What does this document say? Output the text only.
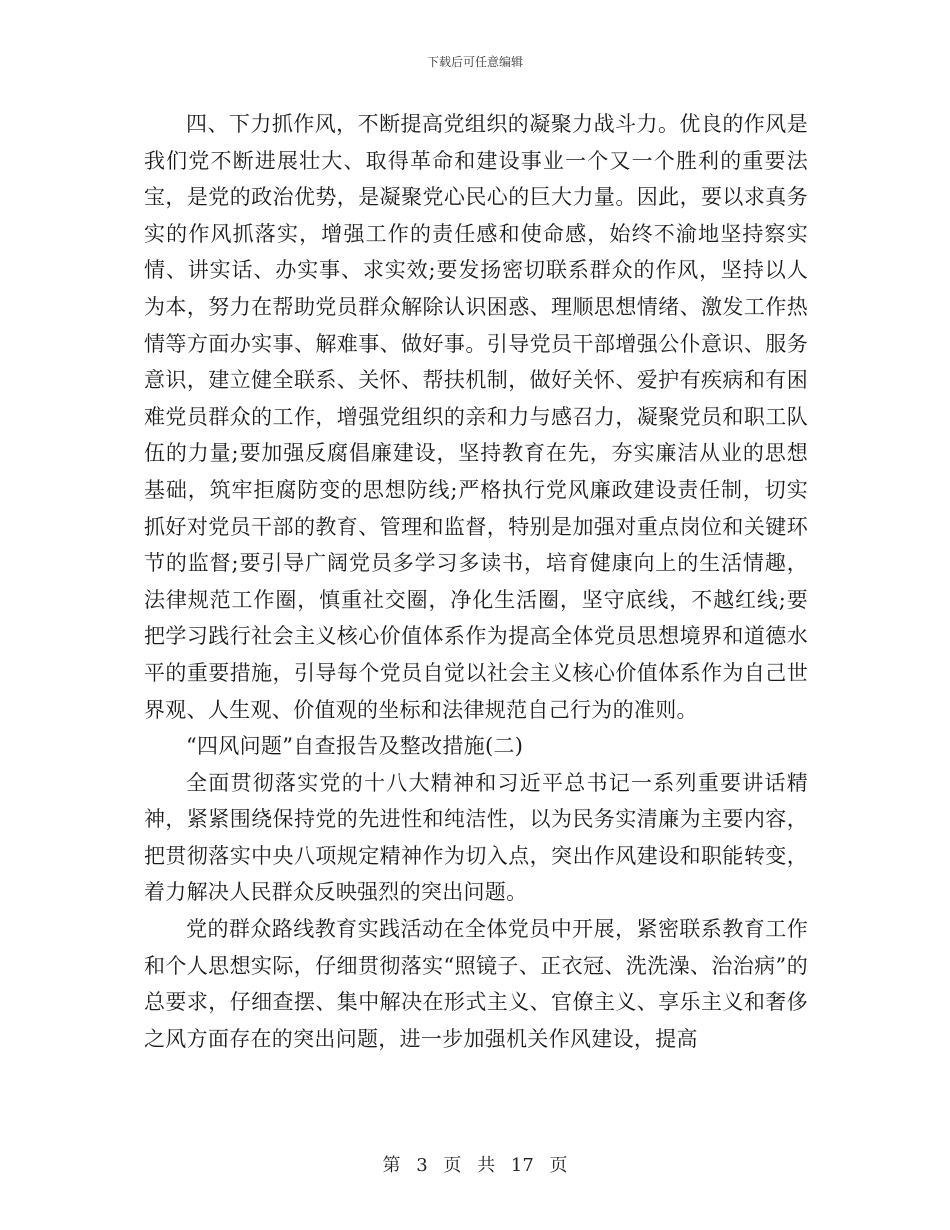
下载后可任意编辑

四、下力抓作风，不断提高党组织的凝聚力战斗力。优良的作风是我们党不断进展壮大、取得革命和建设事业一个又一个胜利的重要法宝，是党的政治优势，是凝聚党心民心的巨大力量。因此，要以求真务实的作风抓落实，增强工作的责任感和使命感，始终不渝地坚持察实情、讲实话、办实事、求实效;要发扬密切联系群众的作风，坚持以人为本，努力在帮助党员群众解除认识困惑、理顺思想情绪、激发工作热情等方面办实事、解难事、做好事。引导党员干部增强公仆意识、服务意识，建立健全联系、关怀、帮扶机制，做好关怀、爱护有疾病和有困难党员群众的工作，增强党组织的亲和力与感召力，凝聚党员和职工队伍的力量;要加强反腐倡廉建设，坚持教育在先，夯实廉洁从业的思想基础，筑牢拒腐防变的思想防线;严格执行党风廉政建设责任制，切实抓好对党员干部的教育、管理和监督，特别是加强对重点岗位和关键环节的监督;要引导广阔党员多学习多读书，培育健康向上的生活情趣，法律规范工作圈，慎重社交圈，净化生活圈，坚守底线，不越红线;要把学习践行社会主义核心价值体系作为提高全体党员思想境界和道德水平的重要措施，引导每个党员自觉以社会主义核心价值体系作为自己世界观、人生观、价值观的坐标和法律规范自己行为的准则。

“四风问题”自查报告及整改措施(二)

全面贯彻落实党的十八大精神和习近平总书记一系列重要讲话精神，紧紧围绕保持党的先进性和纯洁性，以为民务实清廉为主要内容，把贯彻落实中央八项规定精神作为切入点，突出作风建设和职能转变，着力解决人民群众反映强烈的突出问题。

党的群众路线教育实践活动在全体党员中开展，紧密联系教育工作和个人思想实际，仔细贯彻落实“照镜子、正衣冠、洗洗澡、治治病”的总要求，仔细查摆、集中解决在形式主义、官僚主义、享乐主义和奢侈之风方面存在的突出问题，进一步加强机关作风建设，提高

第 3 页 共 17 页
